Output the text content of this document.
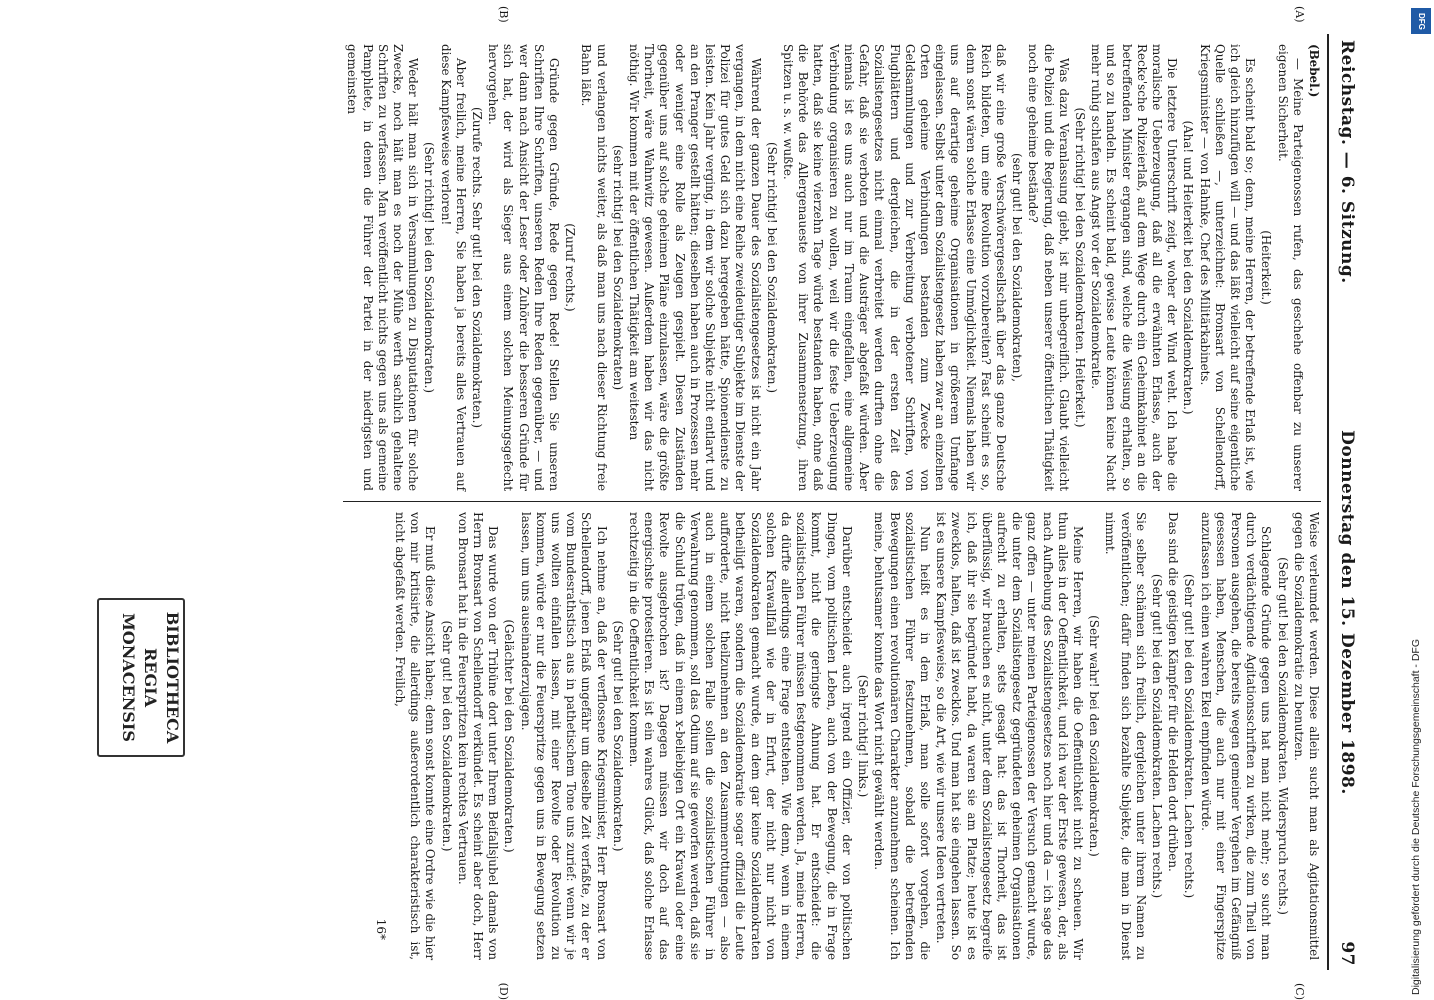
Reichstag. — 6. Sitzung.
Donnerstag den 15. Dezember 1898.
97
(A)
(B)

(Bebel.)

— Meine Parteigenossen rufen, das geschehe offenbar zu unserer eigenen Sicherheit.

(Heiterkeit.)

Es scheint bald so; denn, meine Herren, der betreffende Erlaß ist, wie ich gleich hinzufügen will — und das läßt vielleicht auf seine eigentliche Quelle schließen —, unterzeichnet: Bronsart von Schellendorff, Kriegsminister — von Hahnke, Chef des Militärkabinets.

(Aha! und Heiterkeit bei den Sozialdemokraten.)

Die letztere Unterschrift zeigt, woher der Wind weht. Ich habe die moralische Ueberzeugung, daß all die erwähnten Erlasse, auch der Recke'sche Polizeierlaß, auf dem Wege durch ein Geheimkabinet an die betreffenden Minister ergangen sind, welche die Weisung erhalten, so und so zu handeln. Es scheint bald, gewisse Leute können keine Nacht mehr ruhig schlafen aus Angst vor der Sozialdemokratie.

(Sehr richtig! bei den Sozialdemokraten. Heiterkeit.)

Was dazu Veranlassung giebt, ist mir unbegreiflich. Glaubt vielleicht die Polizei und die Regierung, daß neben unserer öffentlichen Thätigkeit noch eine geheime bestände?

(sehr gut! bei den Sozialdemokraten),

daß wir eine große Verschwörergesellschaft über das ganze Deutsche Reich bildeten, um eine Revolution vorzubereiten? Fast scheint es so, denn sonst wären solche Erlasse eine Unmöglichkeit. Niemals haben wir uns auf derartige geheime Organisationen in größerem Umfange eingelassen. Selbst unter dem Sozialistengesetz haben zwar an einzelnen Orten geheime Verbindungen bestanden zum Zwecke von Geldsammlungen und zur Verbreitung verbotener Schriften, von Flugblättern und dergleichen, die in der ersten Zeit des Sozialistengesetzes nicht einmal verbreitet werden durften ohne die Gefahr, daß sie verboten und die Austräger abgefaßt würden. Aber niemals ist es uns auch nur im Traum eingefallen, eine allgemeine Verbindung organisieren zu wollen, weil wir die feste Ueberzeugung hatten, daß sie keine vierzehn Tage würde bestanden haben, ohne daß die Behörde das Allergenaueste von ihrer Zusammensetzung, ihren Spitzen u. s. w. wußte.

(Sehr richtig! bei den Sozialdemokraten.)

Während der ganzen Dauer des Sozialistengesetzes ist nicht ein Jahr vergangen, in dem nicht eine Reihe zweideutiger Subjekte im Dienste der Polizei für gutes Geld sich dazu hergegeben hätte, Spionendienste zu leisten. Kein Jahr verging, in dem wir solche Subjekte nicht entlarvt und an den Pranger gestellt hätten; dieselben haben auch in Prozessen mehr oder weniger eine Rolle als Zeugen gespielt. Diesen Zuständen gegenüber uns auf solche geheimen Pläne einzulassen, wäre die größte Thorheit, wäre Wahnwitz gewesen. Außerdem haben wir das nicht nöthig. Wir kommen mit der öffentlichen Thätigkeit am weitesten

(sehr richtig! bei den Sozialdemokraten)

und verlangen nichts weiter, als daß man uns nach dieser Richtung freie Bahn läßt.

(Zuruf rechts.)

Gründe gegen Gründe, Rede gegen Rede! Stellen Sie unseren Schriften Ihre Schriften, unseren Reden Ihre Reden gegenüber, — und wer dann nach Ansicht der Leser oder Zuhörer die besseren Gründe für sich hat, der wird als Sieger aus einem solchen Meinungsgefecht hervorgehen.

(Zurufe rechts. Sehr gut! bei den Sozialdemokraten.)

Aber freilich, meine Herren, Sie haben ja bereits alles Vertrauen auf diese Kampfesweise verloren!

(Sehr richtig! bei den Sozialdemokraten.)

Weder hält man sich in Versammlungen zu Disputationen für solche Zwecke, noch hält man es noch der Mühe werth sachlich gehaltene Schriften zu verfassen. Man veröffentlicht nichts gegen uns als gemeine Pamphlete, in denen die Führer der Partei in der niedrigsten und gemeinsten

(C)
(D)

Weise verleumdet werden. Diese allein sucht man als Agitationsmittel gegen die Sozialdemokratie zu benutzen.

(Sehr gut! bei den Sozialdemokraten. Widerspruch rechts.)

Schlagende Gründe gegen uns hat man nicht mehr; so sucht man durch verdächtigende Agitationsschriften zu wirken, die zum Theil von Personen ausgehen, die bereits wegen gemeiner Vergehen im Gefängniß gesessen haben, Menschen, die auch nur mit einer Fingerspitze anzufassen ich einen wahren Ekel empfinden würde.

(Sehr gut! bei den Sozialdemokraten. Lachen rechts.)

Das sind die geistigen Kämpfer für die Helden dort drüben.

(Sehr gut! bei den Sozialdemokraten. Lachen rechts.)

Sie selber schämen sich freilich, dergleichen unter ihrem Namen zu veröffentlichen; dafür finden sich bezahlte Subjekte, die man in Dienst nimmt.

(Sehr wahr! bei den Sozialdemokraten.)

Meine Herren, wir haben die Oeffentlichkeit nicht zu scheuen. Wir thun alles in der Oeffentlichkeit, und ich war der Erste gewesen, der, als nach Aufhebung des Sozialistengesetzes noch hier und da — ich sage das ganz offen — unter meinen Parteigenossen der Versuch gemacht wurde, die unter dem Sozialistengesetz gegründeten geheimen Organisationen aufrecht zu erhalten, stets gesagt hat: das ist Thorheit, das ist überflüssig, wir brauchen es nicht, unter dem Sozialistengesetz begreife ich, daß ihr sie begründet habt, da waren sie am Platze; heute ist es zwecklos, halten, daß ist zwecklos. Und man hat sie eingehen lassen. So ist es unsere Kampfesweise, so die Art, wie wir unsere Ideen vertreten.

Nun heißt es in dem Erlaß, man solle sofort vorgehen, die sozialistischen Führer festzunehmen, sobald die betreffenden Bewegungen einen revolutionären Charakter anzunehmen scheinen. Ich meine, behutsamer konnte das Wort nicht gewählt werden.

(Sehr richtig! links.)

Darüber entscheidet auch irgend ein Offizier, der von politischen Dingen, vom politischen Leben, auch von der Bewegung, die in Frage kommt, nicht die geringste Ahnung hat. Er entscheidet: die sozialistischen Führer müssen festgenommen werden. Ja, meine Herren, da dürfte allerdings eine Frage entstehen. Wie denn, wenn in einem solchen Krawallfall wie der in Erfurt, der nicht nur nicht von Sozialdemokraten gemacht wurde, an dem gar keine Sozialdemokraten betheiligt waren, sondern die Sozialdemokratie sogar offiziell die Leute aufforderte, nicht theilzunehmen an den Zusammenrottungen — also auch in einem solchen Falle sollen die sozialistischen Führer in Verwahrung genommen, soll das Odium auf sie geworfen werden, daß sie die Schuld trügen, daß in einem x-beliebigen Ort ein Krawall oder eine Revolte ausgebrochen ist? Dagegen müssen wir doch auf das energischste protestieren. Es ist ein wahres Glück, daß solche Erlasse rechtzeitig in die Oeffentlichkeit kommen.

(Sehr gut! bei den Sozialdemokraten.)

Ich nehme an, daß der verflossene Kriegsminister, Herr Bronsart von Schellendorff, jenen Erlaß ungefähr um dieselbe Zeit verfaßte, zu der er vom Bundesrathstisch aus in pathetischem Tone uns zurief: wenn wir je uns wollten einfallen lassen, mit einer Revolte oder Revolution zu kommen, würde er nur die Feuerspritze gegen uns in Bewegung setzen lassen, um uns auseinanderzujagen.

(Gelächter bei den Sozialdemokraten.)

Das wurde von der Tribüne dort unter Ihrem Beifallsjubel damals von Herrn Bronsart von Schellendorff verkündet. Es scheint aber doch, Herr von Bronsart hat in die Feuerspritzen kein rechtes Vertrauen.

(Sehr gut! bei den Sozialdemokraten.)

Er muß diese Ansicht haben; denn sonst konnte eine Ordre wie die hier von mir kritisirte, die allerdings außerordentlich charakteristisch ist, nicht abgefaßt werden. Freilich,

16*
BIBLIOTHECA
REGIA
MONACENSIS
DFG
Digitalisierung gefördert durch die Deutsche Forschungsgemeinschaft - DFG
